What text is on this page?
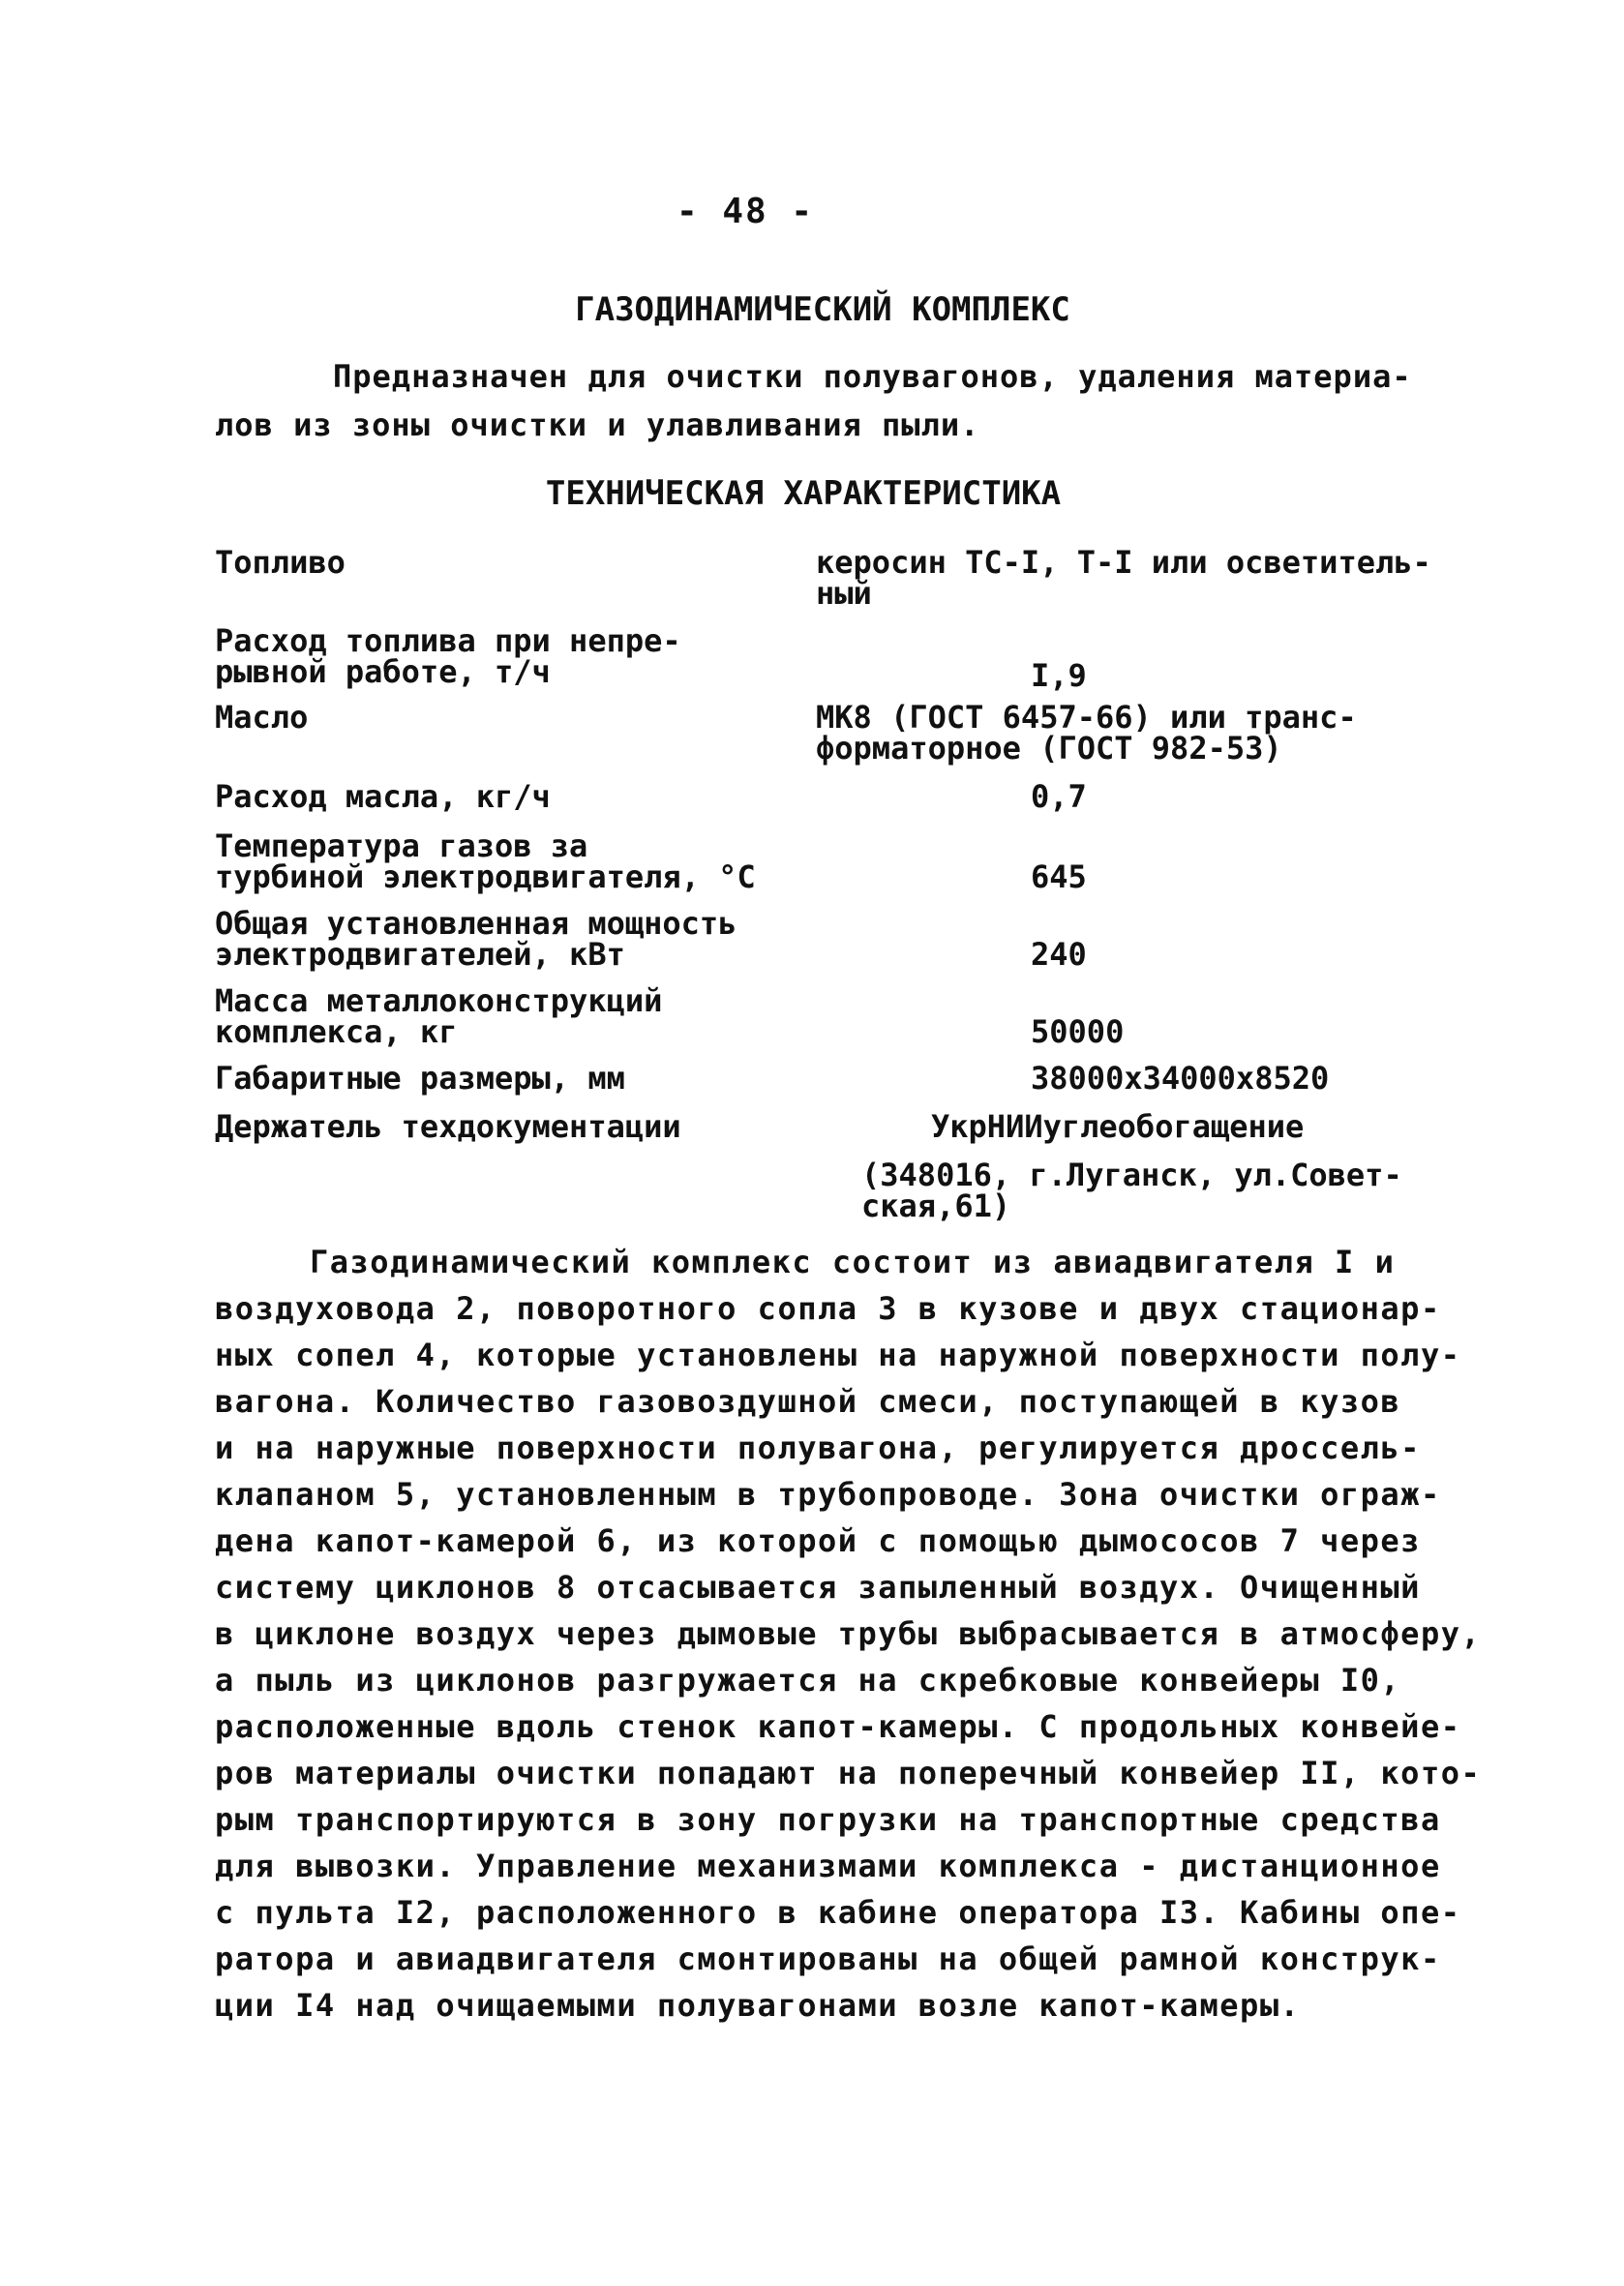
- 48 -
ГАЗОДИНАМИЧЕСКИЙ КОМПЛЕКС
Предназначен для очистки полувагонов, удаления материа-
лов из зоны очистки и улавливания пыли.
ТЕХНИЧЕСКАЯ ХАРАКТЕРИСТИКА
Топливо	керосин ТС-I, Т-I или осветитель-
ный
Расход топлива при непре-
рывной работе, т/ч	I,9
Масло	МК8 (ГОСТ 6457-66) или транс-
форматорное (ГОСТ 982-53)
Расход масла, кг/ч	0,7
Температура газов за
турбиной электродвигателя, °С	645
Общая установленная мощность
электродвигателей, кВт	240
Масса металлоконструкций
комплекса, кг	50000
Габаритные размеры, мм	38000x34000x8520
Держатель техдокументации	УкрНИИуглеобогащение
(348016, г.Луганск, ул.Совет-
ская,61)
Газодинамический комплекс состоит из авиадвигателя I и
воздуховода 2, поворотного сопла 3 в кузове и двух стационар-
ных сопел 4, которые установлены на наружной поверхности полу-
вагона. Количество газовоздушной смеси, поступающей в кузов
и на наружные поверхности полувагона, регулируется дроссель-
клапаном 5, установленным в трубопроводе. Зона очистки ограж-
дена капот-камерой 6, из которой с помощью дымососов 7 через
систему циклонов 8 отсасывается запыленный воздух. Очищенный
в циклоне воздух через дымовые трубы выбрасывается в атмосферу,
а пыль из циклонов разгружается на скребковые конвейеры I0,
расположенные вдоль стенок капот-камеры. С продольных конвейе-
ров материалы очистки попадают на поперечный конвейер II, кото-
рым транспортируются в зону погрузки на транспортные средства
для вывозки. Управление механизмами комплекса - дистанционное
с пульта I2, расположенного в кабине оператора I3. Кабины опе-
ратора и авиадвигателя смонтированы на общей рамной конструк-
ции I4 над очищаемыми полувагонами возле капот-камеры.
